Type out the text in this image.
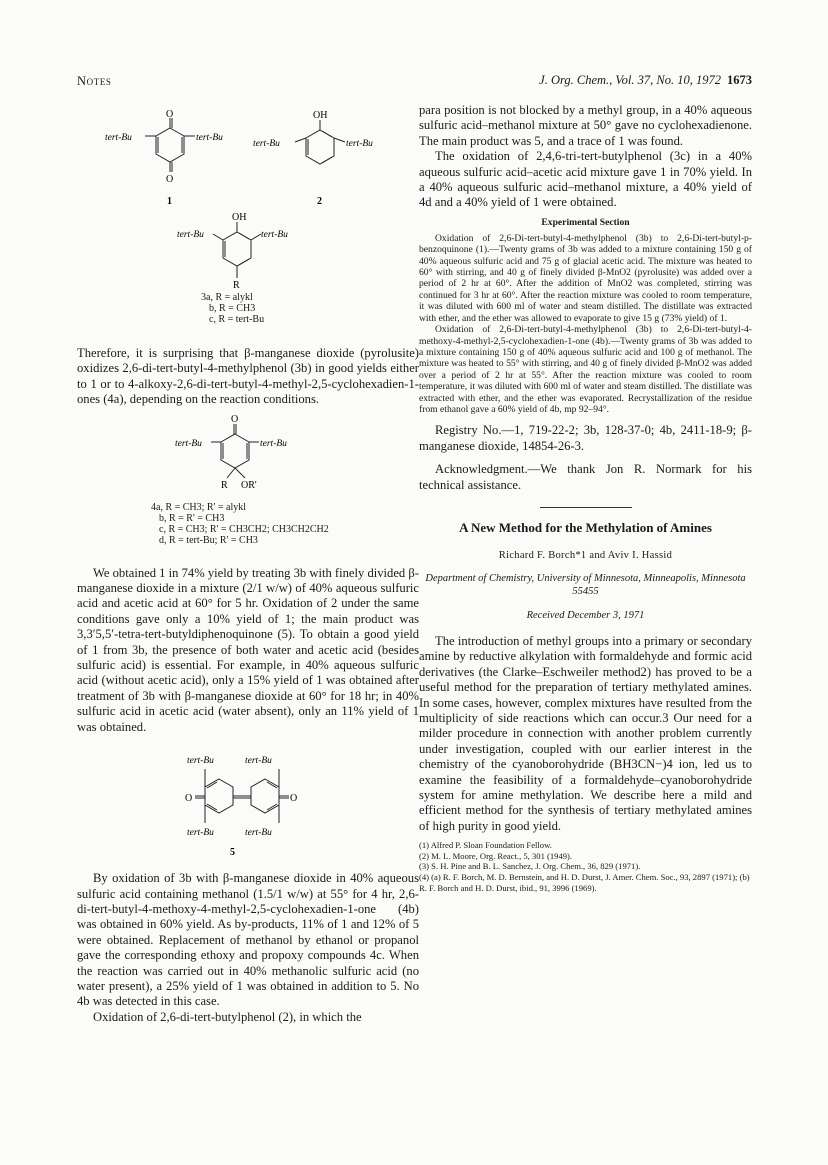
Notes	J. Org. Chem., Vol. 37, No. 10, 1972 1673
O
O
tert-Bu	tert-Bu
1
OH
tert-Bu	tert-Bu
2
OH
R
tert-Bu	tert-Bu
3a, R = alykl
b, R = CH3
c, R = tert-Bu

Therefore, it is surprising that β-manganese dioxide (pyrolusite) oxidizes 2,6-di-tert-butyl-4-methylphenol (3b) in good yields either to 1 or to 4-alkoxy-2,6-di-tert-butyl-4-methyl-2,5-cyclohexadien-1-ones (4a), depending on the reaction conditions.

O
R OR'
tert-Bu	tert-Bu
4a, R = CH3; R' = alykl
b, R = R' = CH3
c, R = CH3; R' = CH3CH2; CH3CH2CH2
d, R = tert-Bu; R' = CH3

We obtained 1 in 74% yield by treating 3b with finely divided β-manganese dioxide in a mixture (2/1 w/w) of 40% aqueous sulfuric acid and acetic acid at 60° for 5 hr. Oxidation of 2 under the same conditions gave only a 10% yield of 1; the main product was 3,3′5,5′-tetra-tert-butyldiphenoquinone (5). To obtain a good yield of 1 from 3b, the presence of both water and acetic acid (besides sulfuric acid) is essential. For example, in 40% aqueous sulfuric acid (without acetic acid), only a 15% yield of 1 was obtained after treatment of 3b with β-manganese dioxide at 60° for 18 hr; in 40% sulfuric acid in acetic acid (water absent), only an 11% yield of 1 was obtained.

O	O
tert-Bu	tert-Bu
tert-Bu	tert-Bu
5

By oxidation of 3b with β-manganese dioxide in 40% aqueous sulfuric acid containing methanol (1.5/1 w/w) at 55° for 4 hr, 2,6-di-tert-butyl-4-methoxy-4-methyl-2,5-cyclohexadien-1-one (4b) was obtained in 60% yield. As by-products, 11% of 1 and 12% of 5 were obtained. Replacement of methanol by ethanol or propanol gave the corresponding ethoxy and propoxy compounds 4c. When the reaction was carried out in 40% methanolic sulfuric acid (no water present), a 25% yield of 1 was obtained in addition to 5. No 4b was detected in this case.

Oxidation of 2,6-di-tert-butylphenol (2), in which the

para position is not blocked by a methyl group, in a 40% aqueous sulfuric acid–methanol mixture at 50° gave no cyclohexadienone. The main product was 5, and a trace of 1 was found.

The oxidation of 2,4,6-tri-tert-butylphenol (3c) in a 40% aqueous sulfuric acid–acetic acid mixture gave 1 in 70% yield. In a 40% aqueous sulfuric acid–methanol mixture, a 40% yield of 4d and a 40% yield of 1 were obtained.

Experimental Section

Oxidation of 2,6-Di-tert-butyl-4-methylphenol (3b) to 2,6-Di-tert-butyl-p-benzoquinone (1).—Twenty grams of 3b was added to a mixture containing 150 g of 40% aqueous sulfuric acid and 75 g of glacial acetic acid. The mixture was heated to 60° with stirring, and 40 g of finely divided β-MnO2 (pyrolusite) was added over a period of 2 hr at 60°. After the addition of MnO2 was completed, stirring was continued for 3 hr at 60°. After the reaction mixture was cooled to room temperature, it was diluted with 600 ml of water and steam distilled. The distillate was extracted with ether, and the ether was allowed to evaporate to give 15 g (73% yield) of 1.

Oxidation of 2,6-Di-tert-butyl-4-methylphenol (3b) to 2,6-Di-tert-butyl-4-methoxy-4-methyl-2,5-cyclohexadien-1-one (4b).—Twenty grams of 3b was added to a mixture containing 150 g of 40% aqueous sulfuric acid and 100 g of methanol. The mixture was heated to 55° with stirring, and 40 g of finely divided β-MnO2 was added over a period of 2 hr at 55°. After the reaction mixture was cooled to room temperature, it was diluted with 600 ml of water and steam distilled. The distillate was extracted with ether, and the ether was evaporated. Recrystallization of the residue from ethanol gave a 60% yield of 4b, mp 92–94°.

Registry No.—1, 719-22-2; 3b, 128-37-0; 4b, 2411-18-9; β-manganese dioxide, 14854-26-3.

Acknowledgment.—We thank Jon R. Normark for his technical assistance.

A New Method for the Methylation of Amines
Richard F. Borch*1 and Aviv I. Hassid
Department of Chemistry, University of Minnesota, Minneapolis, Minnesota 55455
Received December 3, 1971

The introduction of methyl groups into a primary or secondary amine by reductive alkylation with formaldehyde and formic acid derivatives (the Clarke–Eschweiler method2) has proved to be a useful method for the preparation of tertiary methylated amines. In some cases, however, complex mixtures have resulted from the multiplicity of side reactions which can occur.3 Our need for a milder procedure in connection with another problem currently under investigation, coupled with our earlier interest in the chemistry of the cyanoborohydride (BH3CN−)4 ion, led us to examine the feasibility of a formaldehyde–cyanoborohydride system for amine methylation. We describe here a mild and efficient method for the synthesis of tertiary methylated amines of high purity in good yield.

(1) Alfred P. Sloan Foundation Fellow.
(2) M. L. Moore, Org. React., 5, 301 (1949).
(3) S. H. Pine and B. L. Sanchez, J. Org. Chem., 36, 829 (1971).
(4) (a) R. F. Borch, M. D. Bernstein, and H. D. Durst, J. Amer. Chem. Soc., 93, 2897 (1971); (b) R. F. Borch and H. D. Durst, ibid., 91, 3996 (1969).
